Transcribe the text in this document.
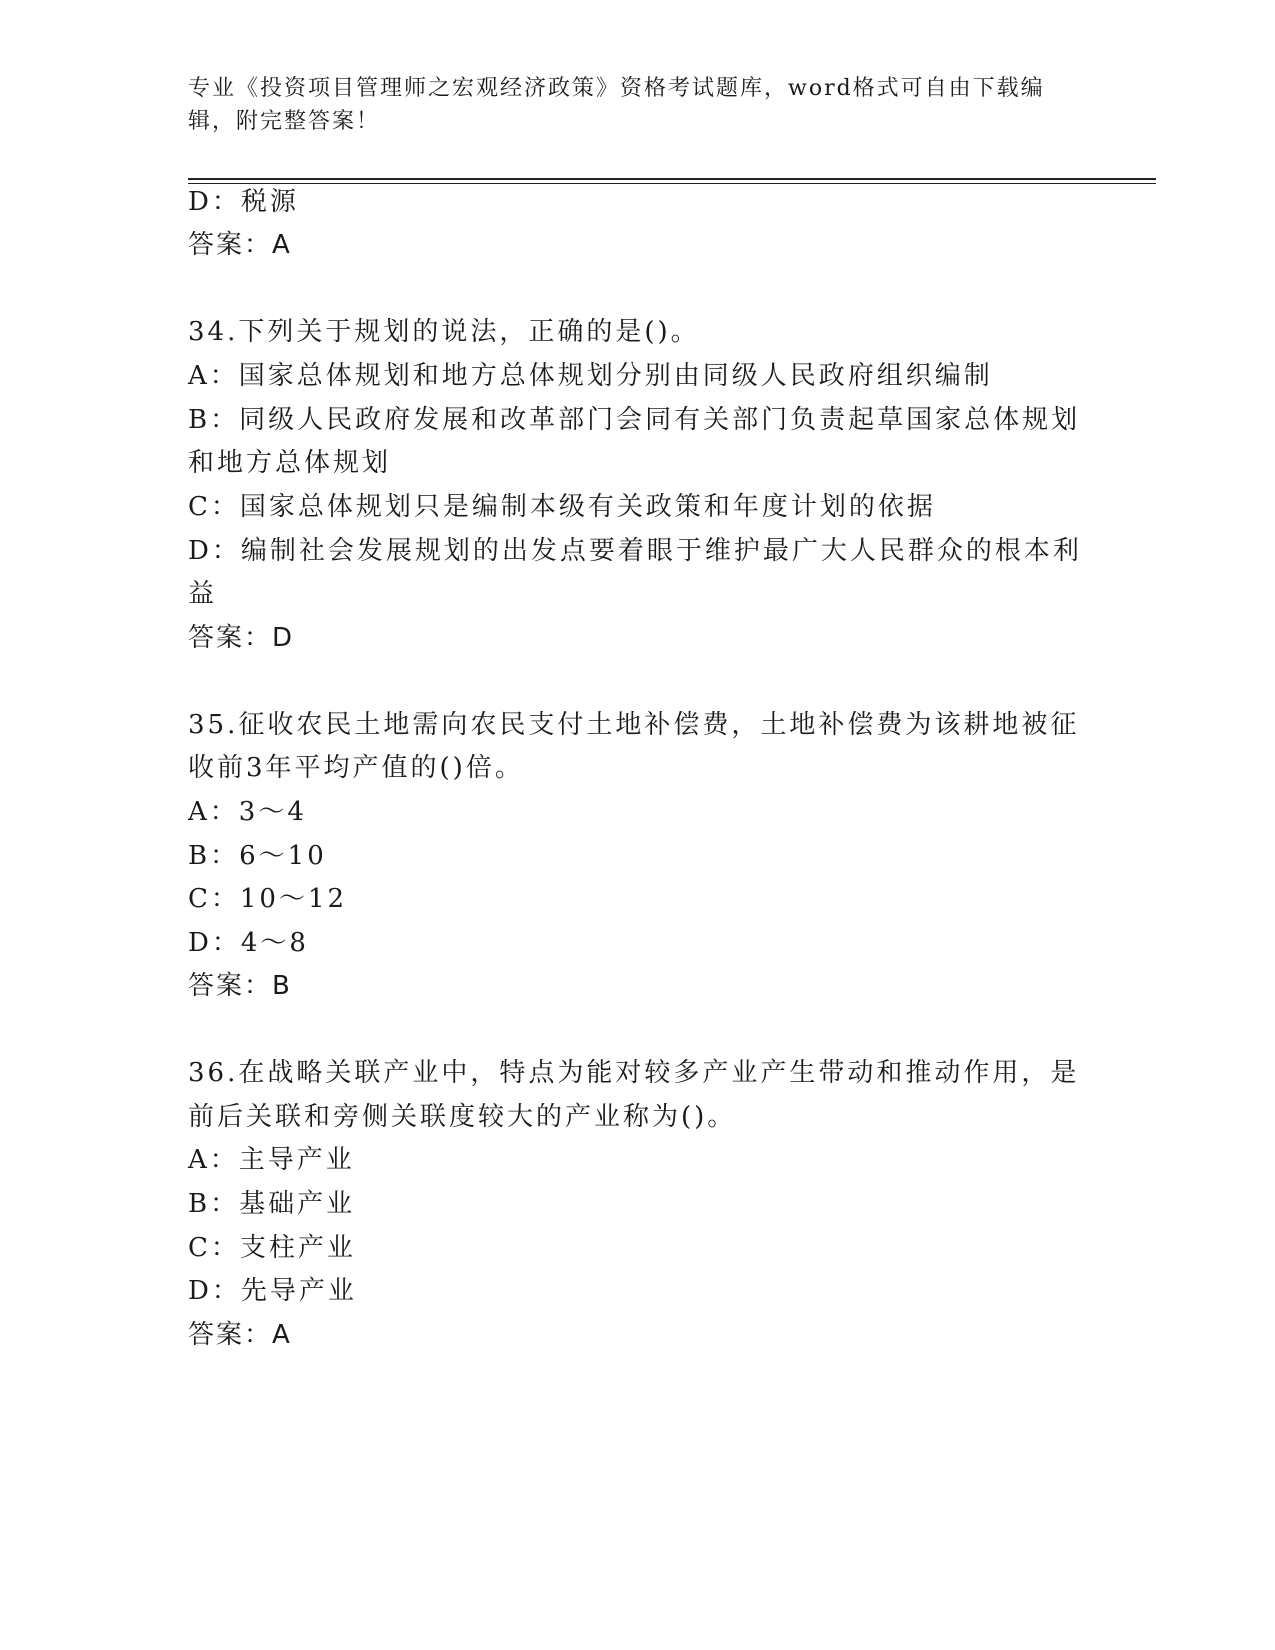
专业《投资项目管理师之宏观经济政策》资格考试题库，word格式可自由下载编
辑，附完整答案！
D：税源
答案：A
34.下列关于规划的说法，正确的是()。
A：国家总体规划和地方总体规划分别由同级人民政府组织编制
B：同级人民政府发展和改革部门会同有关部门负责起草国家总体规划
和地方总体规划
C：国家总体规划只是编制本级有关政策和年度计划的依据
D：编制社会发展规划的出发点要着眼于维护最广大人民群众的根本利
益
答案：D
35.征收农民土地需向农民支付土地补偿费，土地补偿费为该耕地被征
收前3年平均产值的()倍。
A：3～4
B：6～10
C：10～12
D：4～8
答案：B
36.在战略关联产业中，特点为能对较多产业产生带动和推动作用，是
前后关联和旁侧关联度较大的产业称为()。
A：主导产业
B：基础产业
C：支柱产业
D：先导产业
答案：A
